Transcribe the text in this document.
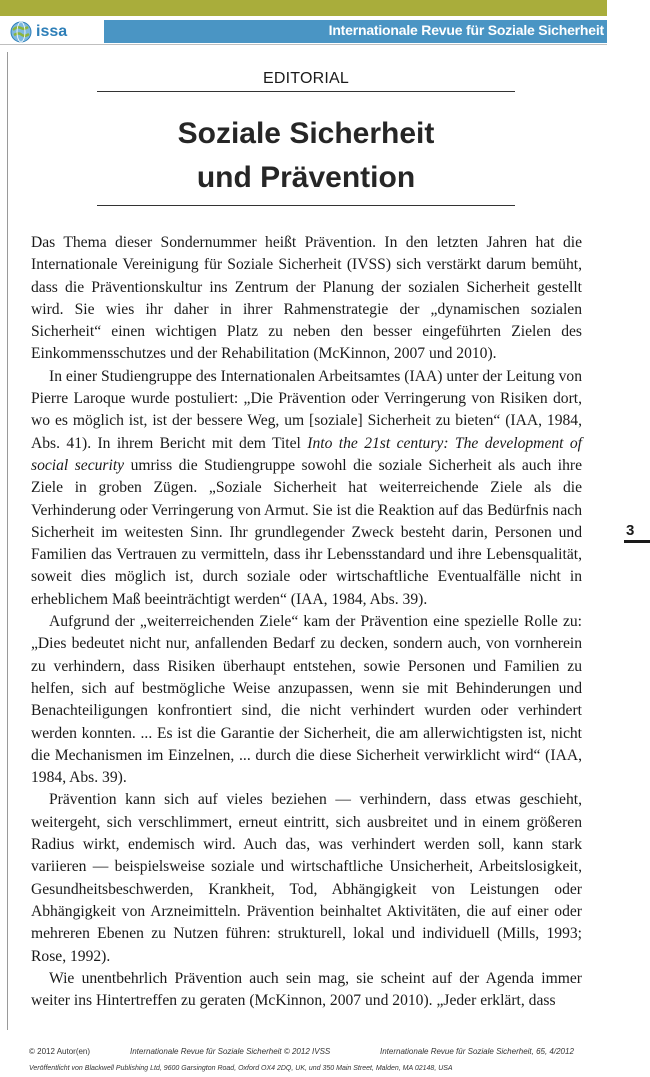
issa	Internationale Revue für Soziale Sicherheit
EDITORIAL
Soziale Sicherheit
und Prävention

Das Thema dieser Sondernummer heißt Prävention. In den letzten Jahren hat die Internationale Vereinigung für Soziale Sicherheit (IVSS) sich verstärkt darum bemüht, dass die Präventionskultur ins Zentrum der Planung der sozialen Sicherheit gestellt wird. Sie wies ihr daher in ihrer Rahmenstrategie der „dynamischen sozialen Sicherheit“ einen wichtigen Platz zu neben den besser eingeführten Zielen des Einkommensschutzes und der Rehabilitation (McKinnon, 2007 und 2010).

In einer Studiengruppe des Internationalen Arbeitsamtes (IAA) unter der Leitung von Pierre Laroque wurde postuliert: „Die Prävention oder Verringerung von Risiken dort, wo es möglich ist, ist der bessere Weg, um [soziale] Sicherheit zu bieten“ (IAA, 1984, Abs. 41). In ihrem Bericht mit dem Titel Into the 21st century: The development of social security umriss die Studiengruppe sowohl die soziale Sicherheit als auch ihre Ziele in groben Zügen. „Soziale Sicherheit hat weiterreichende Ziele als die Verhinderung oder Verringerung von Armut. Sie ist die Reaktion auf das Bedürfnis nach Sicherheit im weitesten Sinn. Ihr grundlegender Zweck besteht darin, Personen und Familien das Vertrauen zu vermitteln, dass ihr Lebensstandard und ihre Lebensqualität, soweit dies möglich ist, durch soziale oder wirtschaftliche Eventualfälle nicht in erheblichem Maß beeinträchtigt werden“ (IAA, 1984, Abs. 39).

Aufgrund der „weiterreichenden Ziele“ kam der Prävention eine spezielle Rolle zu: „Dies bedeutet nicht nur, anfallenden Bedarf zu decken, sondern auch, von vornherein zu verhindern, dass Risiken überhaupt entstehen, sowie Personen und Familien zu helfen, sich auf bestmögliche Weise anzupassen, wenn sie mit Behinderungen und Benachteiligungen konfrontiert sind, die nicht verhindert wurden oder verhindert werden konnten. ... Es ist die Garantie der Sicherheit, die am allerwichtigsten ist, nicht die Mechanismen im Einzelnen, ... durch die diese Sicherheit verwirklicht wird“ (IAA, 1984, Abs. 39).

Prävention kann sich auf vieles beziehen — verhindern, dass etwas geschieht, weitergeht, sich verschlimmert, erneut eintritt, sich ausbreitet und in einem größeren Radius wirkt, endemisch wird. Auch das, was verhindert werden soll, kann stark variieren — beispielsweise soziale und wirtschaftliche Unsicherheit, Arbeitslosigkeit, Gesundheitsbeschwerden, Krankheit, Tod, Abhängigkeit von Leistungen oder Abhängigkeit von Arzneimitteln. Prävention beinhaltet Aktivitäten, die auf einer oder mehreren Ebenen zu Nutzen führen: strukturell, lokal und individuell (Mills, 1993; Rose, 1992).

Wie unentbehrlich Prävention auch sein mag, sie scheint auf der Agenda immer weiter ins Hintertreffen zu geraten (McKinnon, 2007 und 2010). „Jeder erklärt, dass

3
© 2012 Autor(en)	Internationale Revue für Soziale Sicherheit © 2012 IVSS	Internationale Revue für Soziale Sicherheit, 65, 4/2012
Veröffentlicht von Blackwell Publishing Ltd, 9600 Garsington Road, Oxford OX4 2DQ, UK, und 350 Main Street, Malden, MA 02148, USA
